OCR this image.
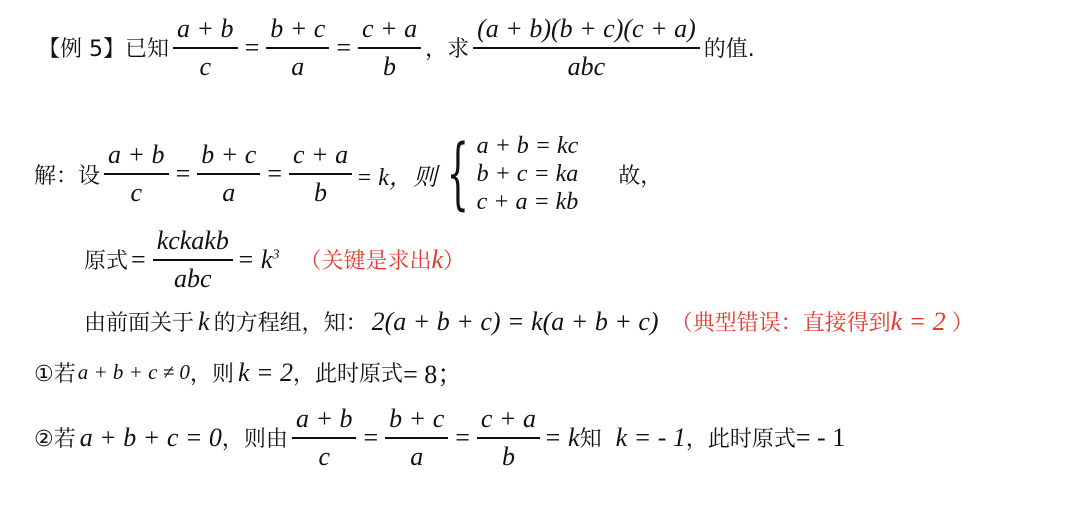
【例 5】 已知 $\frac{a + b}{c} = \frac{b + c}{a} = \frac{c + a}{b}$ ，求 $\frac{(a + b)(b + c)(c + a)}{\text{abc}}$ 的值.
解：设 $\frac{a + b}{c} = \frac{b + c}{a} = \frac{c + a}{b} = k$，则 { a + b = kc
b + c = ka
c + a = kb
故，
原式 = $\frac{\text{kckakb}}{\text{abc}} = k^3$ （关键是求出k）
由前面关于 k 的方程组，知： 2(a + b + c) = k(a + b + c) （典型错误：直接得到k = 2 ）
①若 a + b + c ≠ 0 ，则 k = 2 ，此时原式 = 8；
②若 a + b + c = 0 ，则由 $\frac{a + b}{c} = \frac{b + c}{a} = \frac{c + a}{b} = k$ 知 k = - 1 ，此时原式 = - 1
